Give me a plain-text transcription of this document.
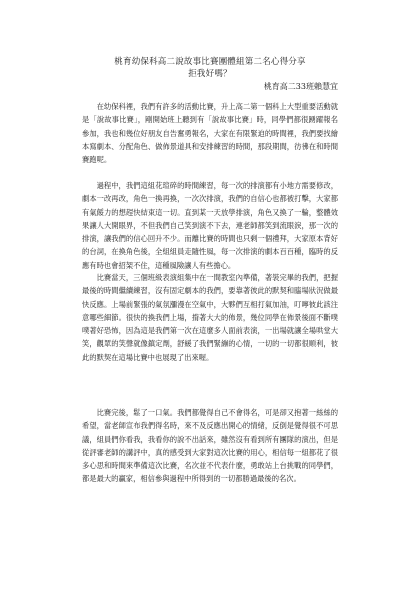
桃育幼保科高二說故事比賽團體組第二名心得分享
拒我好嗎？
桃育高二33班賴慧宜

在幼保科裡，我們有許多的活動比賽，升上高二第一個科上大型重要活動就是「說故事比賽」，剛開始班上聽到有「說故事比賽」時，同學們都很踴躍報名參加，我也和幾位好朋友自告奮勇報名，大家在有限緊迫的時間裡，我們要找繪本寫劇本、分配角色、做佈景道具和安排練習的時間，那段期間，彷彿在和時間賽跑呢。

過程中，我們這組花瑄碎的時間練習，每一次的排演都有小地方需要修改，劇本一改再改，角色一換再換，一次次排演，我們的自信心也都被打擊，大家都有氣餒力的想趕快結束這一切。直到某一天放學排演，角色又換了一輪，整體效果讓人大開眼界，不但我們自己笑到演不下去，連老師都笑到流眼淚，那一次的排演，讓我們的信心回升不少。而離比賽的時間也只剩一個禮拜，大家原本背好的台詞，在換角色後，全組組員走隨性風，每一次排演的劇本百百種，臨時的反應有時也會招架不住，這種風險讓人有些擔心。

比賽當天，三個班級表演組集中在一間教室內準備，著裝完畢的我們，把握最後的時間繼續練習，沒有固定劇本的我們，要靠著彼此的默契和臨場狀況做最快反應。上場前緊張的氣氛瀰漫在空氣中，大夥們互相打氣加油，叮嚀彼此該注意哪些細節。很快的換我們上場，揹著大大的佈景，幾位同學在佈景後面不斷噗噗著好恐怖，因為這是我們第一次在這麼多人面前表演，一出場就讓全場哄堂大笑，觀眾的笑聲就像鎮定劑，舒緩了我們緊繃的心情，一切的一切都很順利，彼此的默契在這場比賽中也展現了出來喔。

比賽完後，鬆了一口氣。我們都覺得自己不會得名，可是卻又抱著一絲絲的希望，當老師宣布我們得名時，來不及反應出開心的情緒，反倒是覺得很不可思議，組員們你看我，我看你的說不出話來，雖然沒有看到所有團隊的演出，但是從評審老師的講評中，真的感受到大家對這次比賽的用心，相信每一組都花了很多心思和時間來準備這次比賽，名次並不代表什麼，勇敢站上台挑戰的同學們，都是最大的贏家，相信參與過程中所得到的一切都勝過最後的名次。
